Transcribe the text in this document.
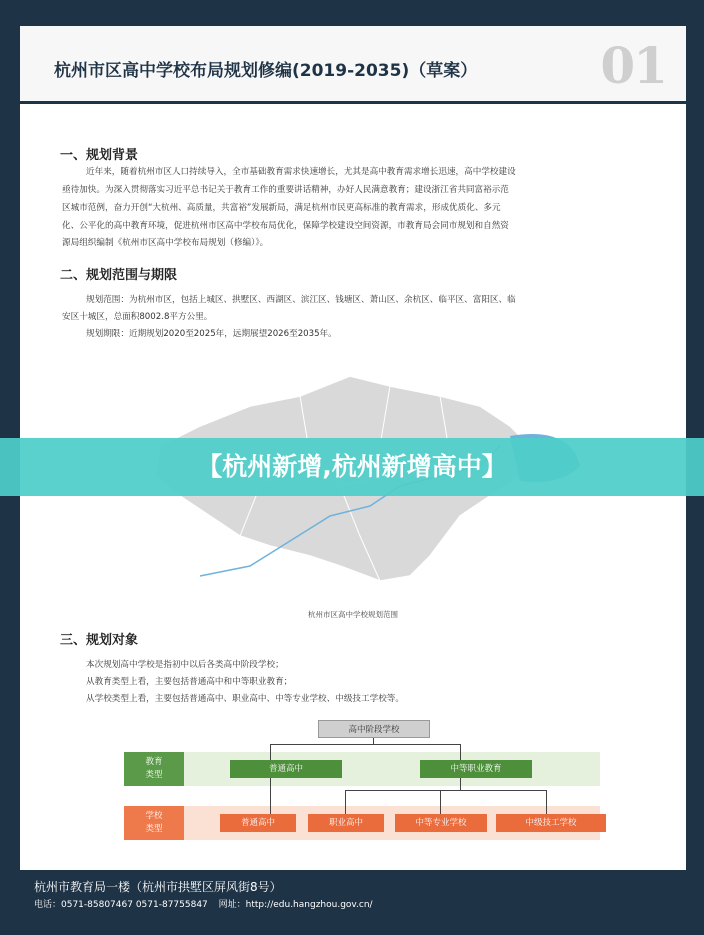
杭州市区高中学校布局规划修编(2019-2035)（草案） 01
一、规划背景
近年来，随着杭州市区人口持续导入，全市基础教育需求快速增长，尤其是高中教育需求增长迅速，高中学校建设
亟待加快。为深入贯彻落实习近平总书记关于教育工作的重要讲话精神，办好人民满意教育；建设浙江省共同富裕示范
区城市范例，奋力开创“大杭州、高质量，共富裕”发展新局，满足杭州市民更高标准的教育需求，形成优质化、多元
化、公平化的高中教育环境，促进杭州市区高中学校布局优化，保障学校建设空间资源，市教育局会同市规划和自然资
源局组织编制《杭州市区高中学校布局规划（修编）》。
二、规划范围与期限
规划范围：为杭州市区，包括上城区、拱墅区、西湖区、滨江区、钱塘区、萧山区、余杭区、临平区、富阳区、临
安区十城区，总面积8002.8平方公里。
规划期限：近期规划2020至2025年，远期展望2026至2035年。
杭州市区高中学校规划范围
三、规划对象
本次规划高中学校是指初中以后各类高中阶段学校；
从教育类型上看，主要包括普通高中和中等职业教育；
从学校类型上看，主要包括普通高中、职业高中、中等专业学校、中级技工学校等。
教育
类型
学校
类型
高中阶段学校
普通高中	中等职业教育
普通高中	职业高中	中等专业学校	中级技工学校
【杭州新增,杭州新增高中】
杭州市教育局一楼（杭州市拱墅区屏风街8号）
电话：0571-85807467 0571-87755847 网址：http://edu.hangzhou.gov.cn/
